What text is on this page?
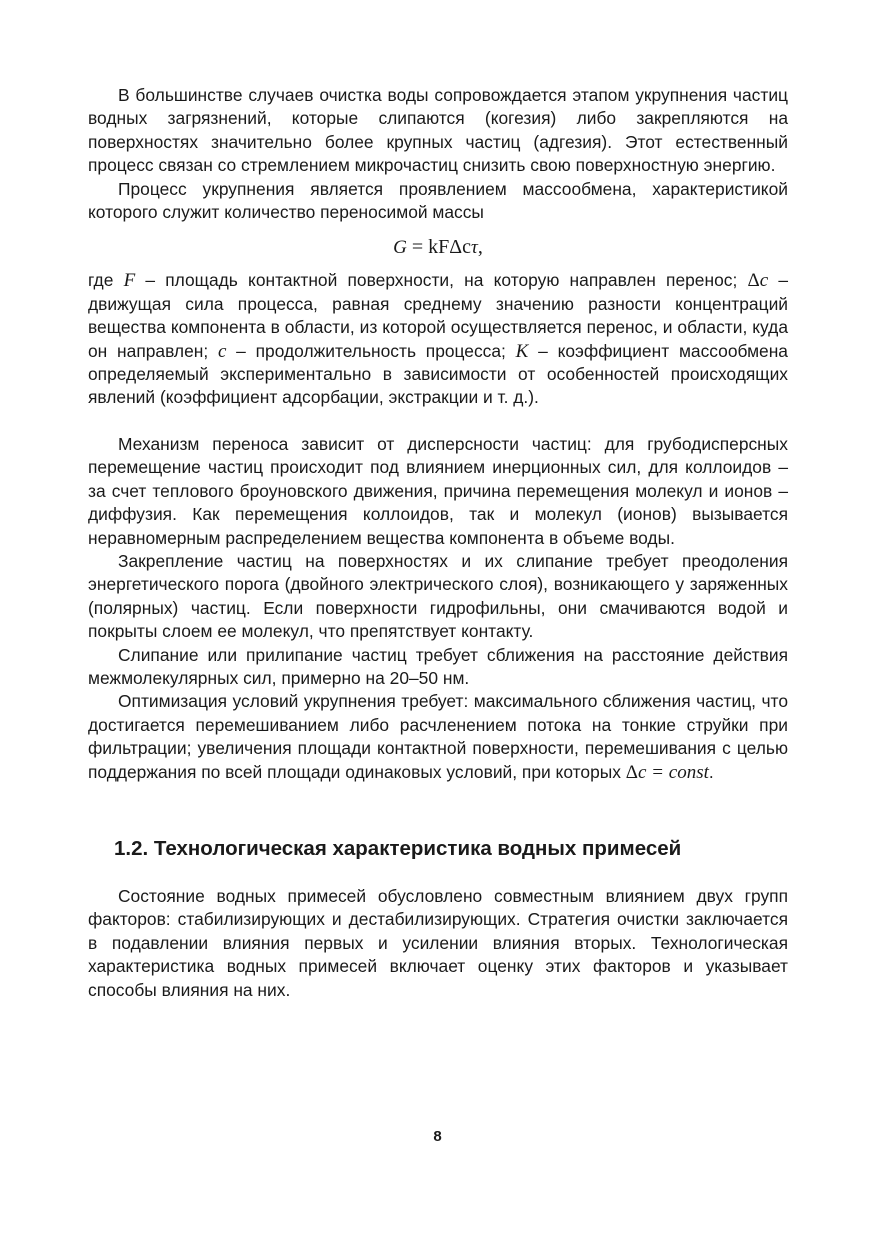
В большинстве случаев очистка воды сопровождается этапом укрупнения частиц водных загрязнений, которые слипаются (когезия) либо закрепляются на поверхностях значительно более крупных частиц (адгезия). Этот естественный процесс связан со стремлением микрочастиц снизить свою поверхностную энергию.

Процесс укрупнения является проявлением массообмена, характеристикой которого служит количество переносимой массы

G = kFΔcτ,

где F – площадь контактной поверхности, на которую направлен перенос; Δc – движущая сила процесса, равная среднему значению разности концентраций вещества компонента в области, из которой осуществляется перенос, и области, куда он направлен; c – продолжительность процесса; K – коэффициент массообмена определяемый экспериментально в зависимости от особенностей происходящих явлений (коэффициент адсорбации, экстракции и т. д.).

Механизм переноса зависит от дисперсности частиц: для грубодисперсных перемещение частиц происходит под влиянием инерционных сил, для коллоидов – за счет теплового броуновского движения, причина перемещения молекул и ионов – диффузия. Как перемещения коллоидов, так и молекул (ионов) вызывается неравномерным распределением вещества компонента в объеме воды.

Закрепление частиц на поверхностях и их слипание требует преодоления энергетического порога (двойного электрического слоя), возникающего у заряженных (полярных) частиц. Если поверхности гидрофильны, они смачиваются водой и покрыты слоем ее молекул, что препятствует контакту.

Слипание или прилипание частиц требует сближения на расстояние действия межмолекулярных сил, примерно на 20–50 нм.

Оптимизация условий укрупнения требует: максимального сближения частиц, что достигается перемешиванием либо расчленением потока на тонкие струйки при фильтрации; увеличения площади контактной поверхности, перемешивания с целью поддержания по всей площади одинаковых условий, при которых Δc = const.

1.2. Технологическая характеристика водных примесей

Состояние водных примесей обусловлено совместным влиянием двух групп факторов: стабилизирующих и дестабилизирующих. Стратегия очистки заключается в подавлении влияния первых и усилении влияния вторых. Технологическая характеристика водных примесей включает оценку этих факторов и указывает способы влияния на них.

8
